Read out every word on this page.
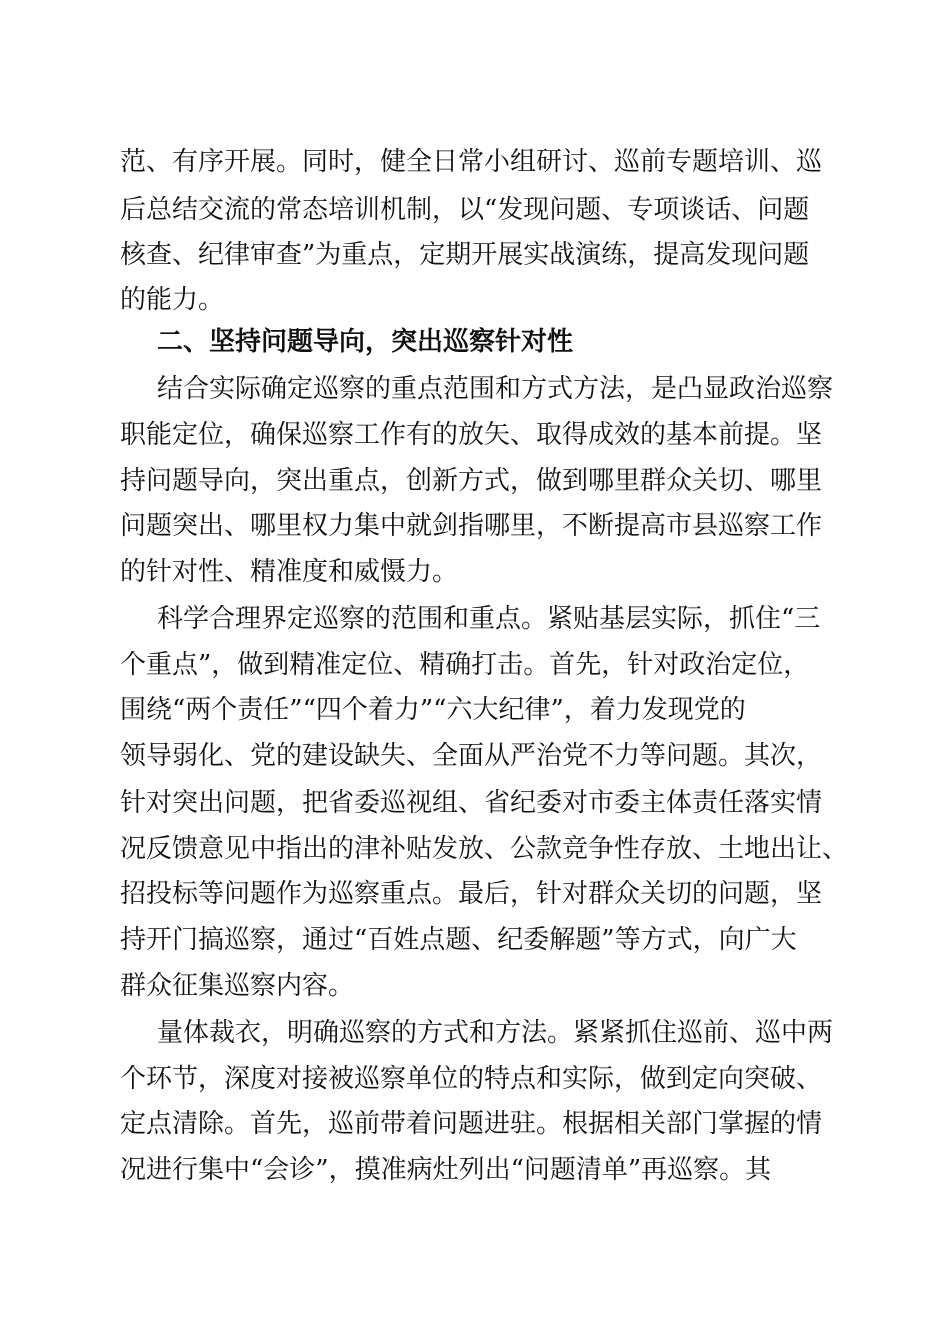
范、有序开展。同时，健全日常小组研讨、巡前专题培训、巡
后总结交流的常态培训机制，以“发现问题、专项谈话、问题
核查、纪律审查”为重点，定期开展实战演练，提高发现问题
的能力。
二、坚持问题导向，突出巡察针对性
结合实际确定巡察的重点范围和方式方法，是凸显政治巡察
职能定位，确保巡察工作有的放矢、取得成效的基本前提。坚
持问题导向，突出重点，创新方式，做到哪里群众关切、哪里
问题突出、哪里权力集中就剑指哪里，不断提高市县巡察工作
的针对性、精准度和威慑力。
科学合理界定巡察的范围和重点。紧贴基层实际，抓住“三
个重点”，做到精准定位、精确打击。首先，针对政治定位，
围绕“两个责任”“四个着力”“六大纪律”，着力发现党的
领导弱化、党的建设缺失、全面从严治党不力等问题。其次，
针对突出问题，把省委巡视组、省纪委对市委主体责任落实情
况反馈意见中指出的津补贴发放、公款竞争性存放、土地出让、
招投标等问题作为巡察重点。最后，针对群众关切的问题，坚
持开门搞巡察，通过“百姓点题、纪委解题”等方式，向广大
群众征集巡察内容。
量体裁衣，明确巡察的方式和方法。紧紧抓住巡前、巡中两
个环节，深度对接被巡察单位的特点和实际，做到定向突破、
定点清除。首先，巡前带着问题进驻。根据相关部门掌握的情
况进行集中“会诊”，摸准病灶列出“问题清单”再巡察。其
